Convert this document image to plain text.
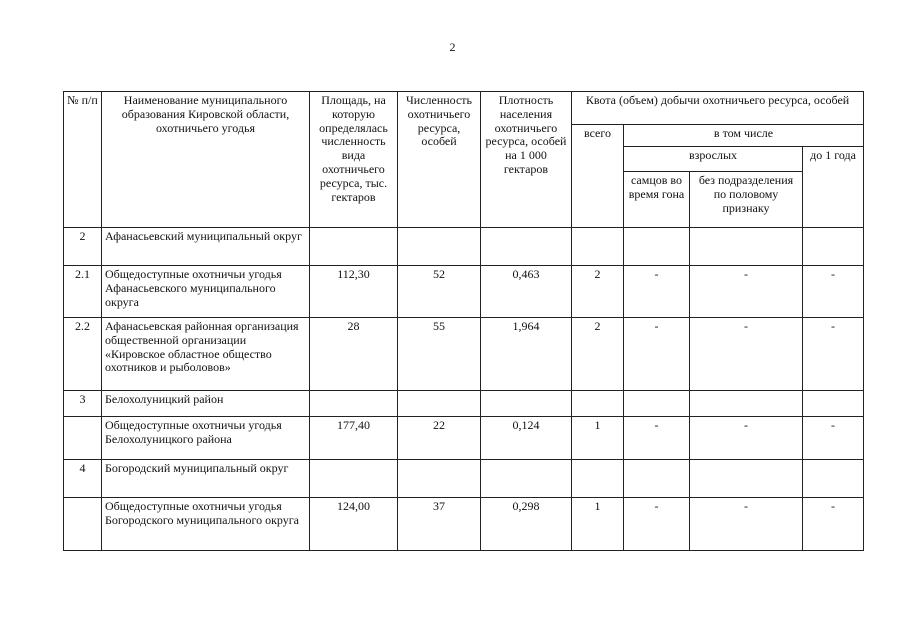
2
№ п/п	Наименование муниципального образования Кировской области, охотничьего угодья	Площадь, на которую определялась численность вида охотничьего ресурса, тыс. гектаров	Численность охотничьего ресурса, особей	Плотность населения охотничьего ресурса, особей на 1 000 гектаров	Квота (объем) добычи охотничьего ресурса, особей			
					всего	в том числе		
						взрослых		до 1 года
						самцов во время гона	без подразделения по половому признаку	
2	Афанасьевский муниципальный округ							
2.1	Общедоступные охотничьи угодья Афанасьевского муниципального округа	112,30	52	0,463	2	-	-	-
2.2	Афанасьевская районная организация общественной организации «Кировское областное общество охотников и рыболовов»	28	55	1,964	2	-	-	-
3	Белохолуницкий район							
	Общедоступные охотничьи угодья Белохолуницкого района	177,40	22	0,124	1	-	-	-
4	Богородский муниципальный округ							
	Общедоступные охотничьи угодья Богородского муниципального округа	124,00	37	0,298	1	-	-	-
